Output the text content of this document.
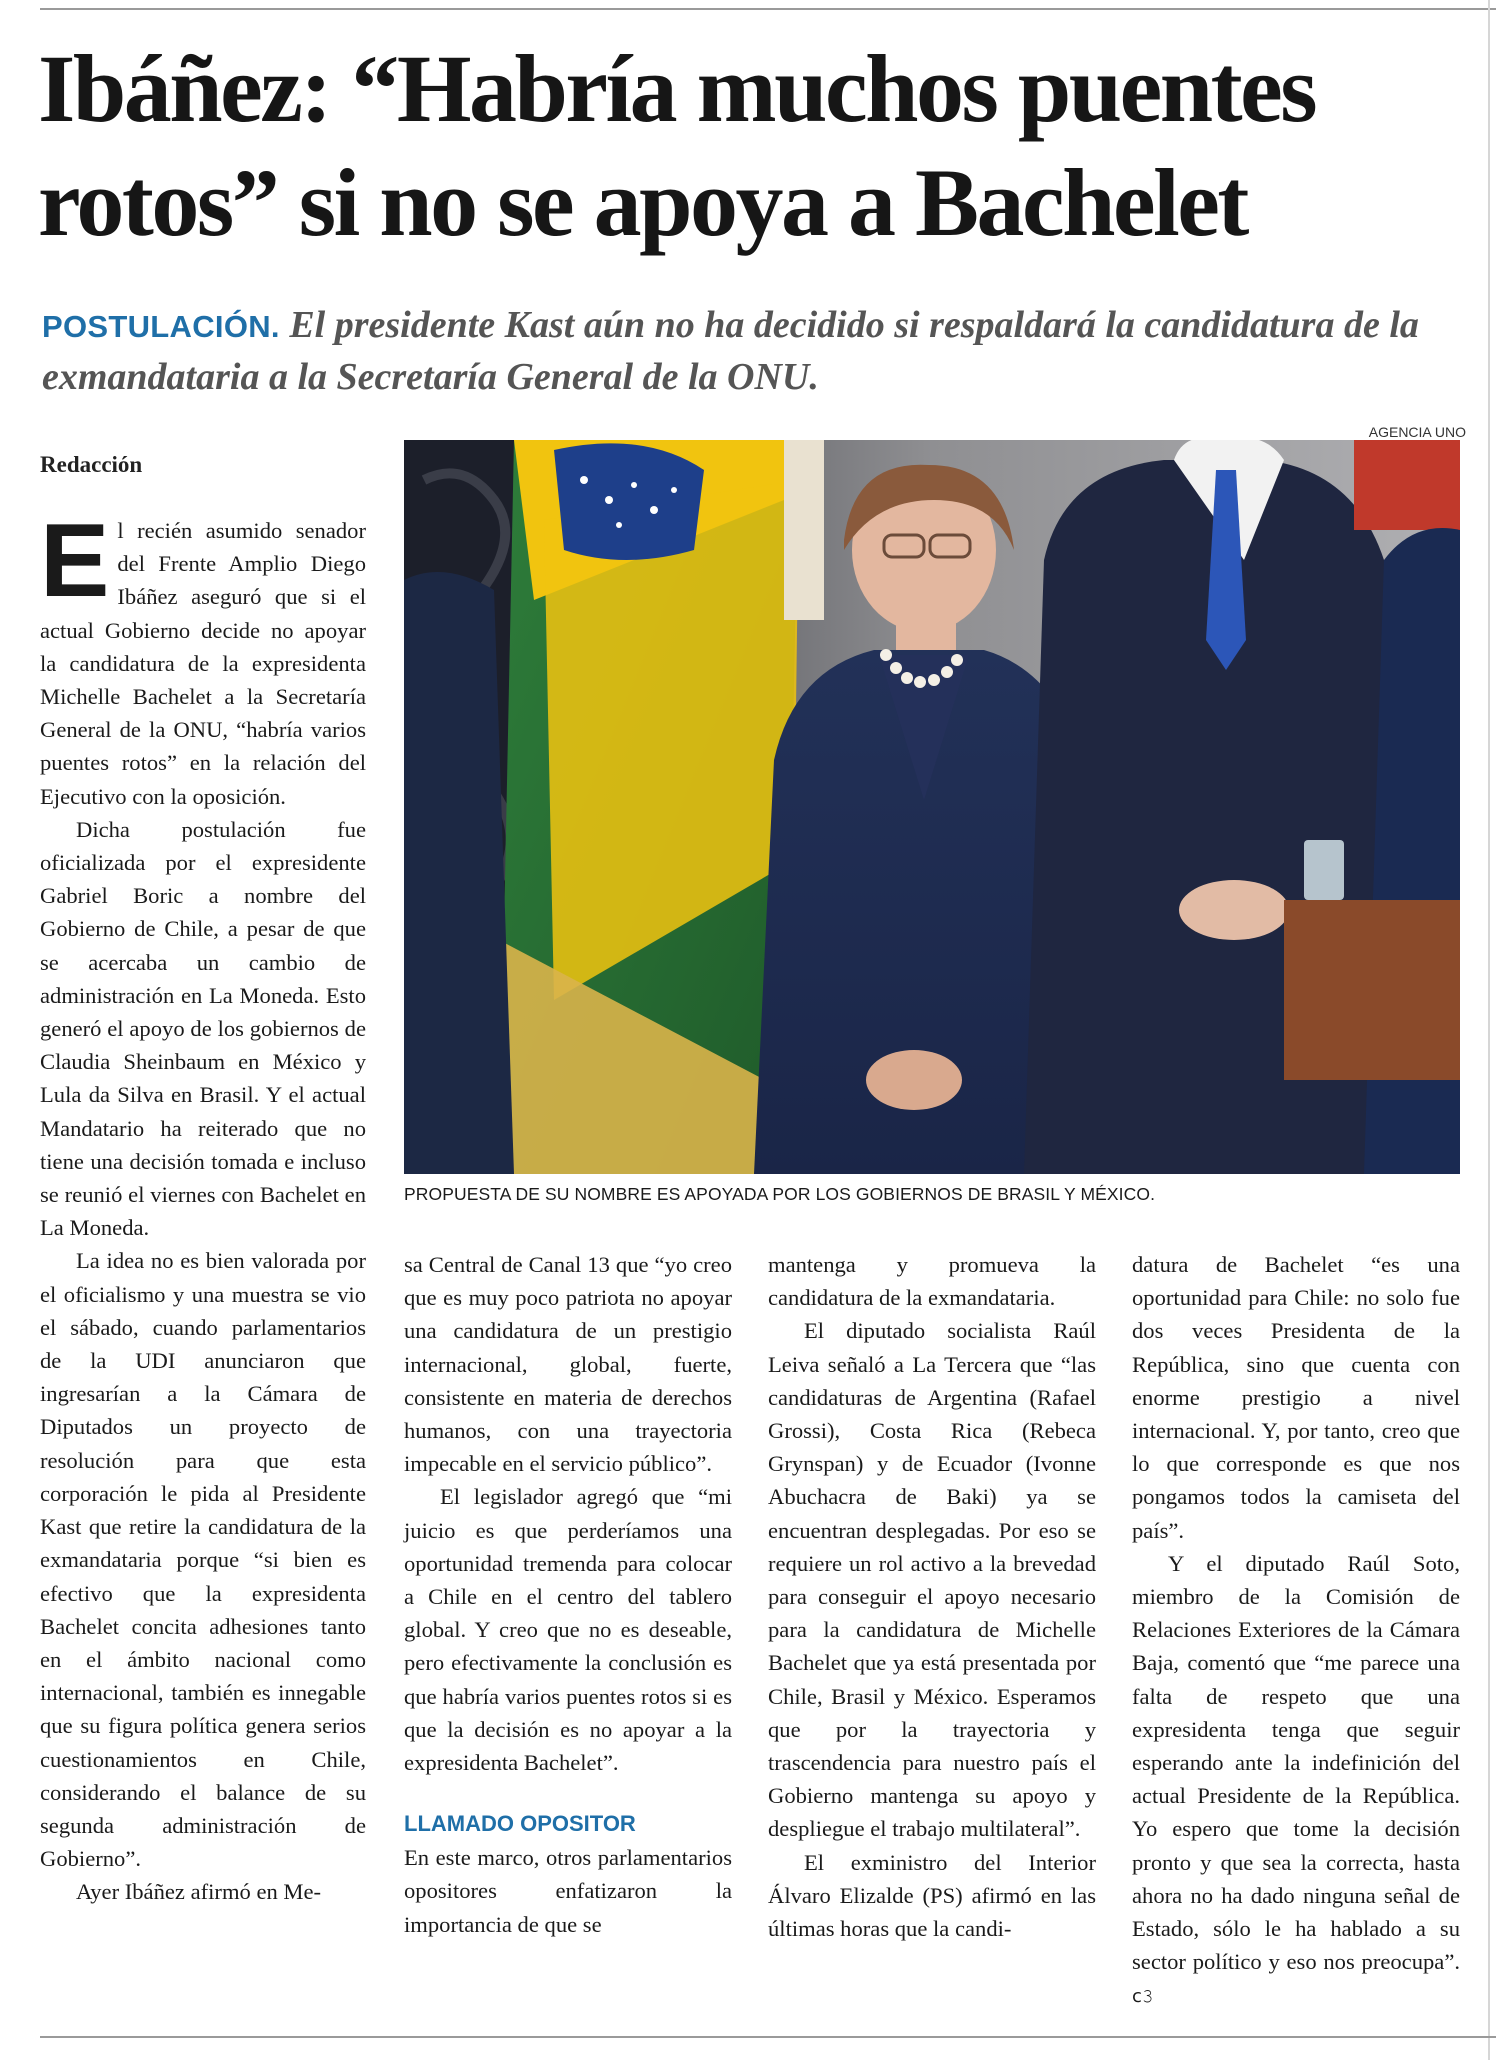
Ibáñez: “Habría muchos puentes rotos” si no se apoya a Bachelet
POSTULACIÓN. El presidente Kast aún no ha decidido si respaldará la candidatura de la exmandataria a la Secretaría General de la ONU.
Redacción

El recién asumido senador del Frente Amplio Diego Ibáñez aseguró que si el actual Gobierno decide no apoyar la candidatura de la expresidenta Michelle Bachelet a la Secretaría General de la ONU, “habría varios puentes rotos” en la relación del Ejecutivo con la oposición.

Dicha postulación fue oficializada por el expresidente Gabriel Boric a nombre del Gobierno de Chile, a pesar de que se acercaba un cambio de administración en La Moneda. Esto generó el apoyo de los gobiernos de Claudia Sheinbaum en México y Lula da Silva en Brasil. Y el actual Mandatario ha reiterado que no tiene una decisión tomada e incluso se reunió el viernes con Bachelet en La Moneda.

La idea no es bien valorada por el oficialismo y una muestra se vio el sábado, cuando parlamentarios de la UDI anunciaron que ingresarían a la Cámara de Diputados un proyecto de resolución para que esta corporación le pida al Presidente Kast que retire la candidatura de la exmandataria porque “si bien es efectivo que la expresidenta Bachelet concita adhesiones tanto en el ámbito nacional como internacional, también es innegable que su figura política genera serios cuestionamientos en Chile, considerando el balance de su segunda administración de Gobierno”.

Ayer Ibáñez afirmó en Me-

AGENCIA UNO
PROPUESTA DE SU NOMBRE ES APOYADA POR LOS GOBIERNOS DE BRASIL Y MÉXICO.

sa Central de Canal 13 que “yo creo que es muy poco patriota no apoyar una candidatura de un prestigio internacional, global, fuerte, consistente en materia de derechos humanos, con una trayectoria impecable en el servicio público”.

El legislador agregó que “mi juicio es que perderíamos una oportunidad tremenda para colocar a Chile en el centro del tablero global. Y creo que no es deseable, pero efectivamente la conclusión es que habría varios puentes rotos si es que la decisión es no apoyar a la expresidenta Bachelet”.

LLAMADO OPOSITOR

En este marco, otros parlamentarios opositores enfatizaron la importancia de que se

mantenga y promueva la candidatura de la exmandataria.

El diputado socialista Raúl Leiva señaló a La Tercera que “las candidaturas de Argentina (Rafael Grossi), Costa Rica (Rebeca Grynspan) y de Ecuador (Ivonne Abuchacra de Baki) ya se encuentran desplegadas. Por eso se requiere un rol activo a la brevedad para conseguir el apoyo necesario para la candidatura de Michelle Bachelet que ya está presentada por Chile, Brasil y México. Esperamos que por la trayectoria y trascendencia para nuestro país el Gobierno mantenga su apoyo y despliegue el trabajo multilateral”.

El exministro del Interior Álvaro Elizalde (PS) afirmó en las últimas horas que la candi-

datura de Bachelet “es una oportunidad para Chile: no solo fue dos veces Presidenta de la República, sino que cuenta con enorme prestigio a nivel internacional. Y, por tanto, creo que lo que corresponde es que nos pongamos todos la camiseta del país”.

Y el diputado Raúl Soto, miembro de la Comisión de Relaciones Exteriores de la Cámara Baja, comentó que “me parece una falta de respeto que una expresidenta tenga que seguir esperando ante la indefinición del actual Presidente de la República. Yo espero que tome la decisión pronto y que sea la correcta, hasta ahora no ha dado ninguna señal de Estado, sólo le ha hablado a su sector político y eso nos preocupa”. ᴄ𝟹
